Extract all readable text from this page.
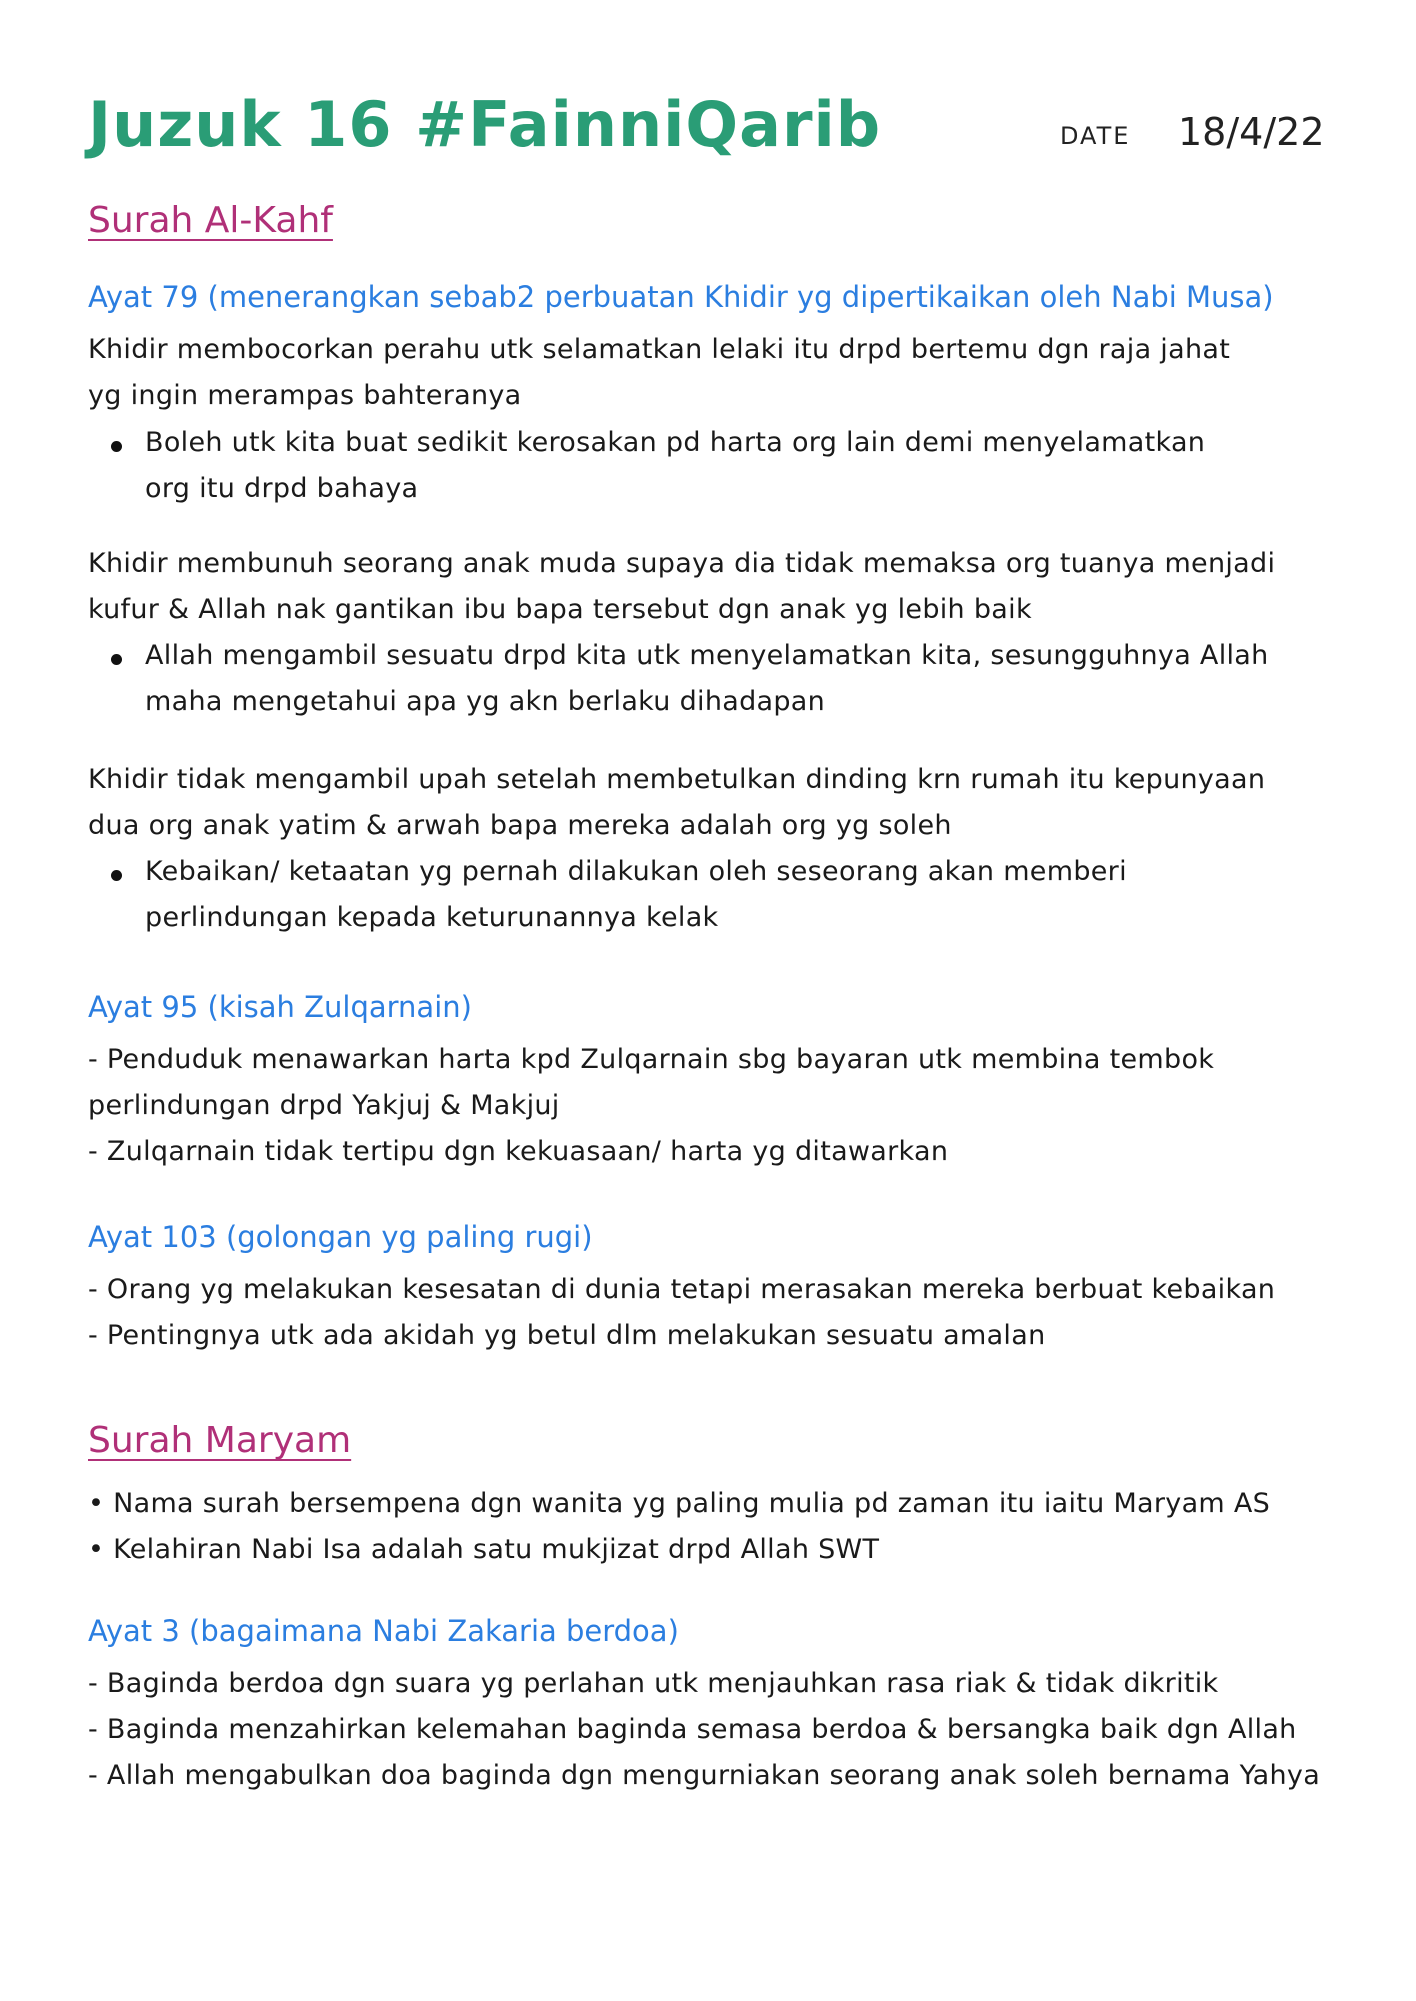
Juzuk 16 #FainniQarib	DATE 18/4/22
Surah Al-Kahf
Ayat 79 (menerangkan sebab2 perbuatan Khidir yg dipertikaikan oleh Nabi Musa)
Khidir membocorkan perahu utk selamatkan lelaki itu drpd bertemu dgn raja jahat
yg ingin merampas bahteranya
Boleh utk kita buat sedikit kerosakan pd harta org lain demi menyelamatkan
org itu drpd bahaya
Khidir membunuh seorang anak muda supaya dia tidak memaksa org tuanya menjadi
kufur & Allah nak gantikan ibu bapa tersebut dgn anak yg lebih baik
Allah mengambil sesuatu drpd kita utk menyelamatkan kita, sesungguhnya Allah
maha mengetahui apa yg akn berlaku dihadapan
Khidir tidak mengambil upah setelah membetulkan dinding krn rumah itu kepunyaan
dua org anak yatim & arwah bapa mereka adalah org yg soleh
Kebaikan/ ketaatan yg pernah dilakukan oleh seseorang akan memberi
perlindungan kepada keturunannya kelak
Ayat 95 (kisah Zulqarnain)
- Penduduk menawarkan harta kpd Zulqarnain sbg bayaran utk membina tembok
perlindungan drpd Yakjuj & Makjuj
- Zulqarnain tidak tertipu dgn kekuasaan/ harta yg ditawarkan
Ayat 103 (golongan yg paling rugi)
- Orang yg melakukan kesesatan di dunia tetapi merasakan mereka berbuat kebaikan
- Pentingnya utk ada akidah yg betul dlm melakukan sesuatu amalan
Surah Maryam
• Nama surah bersempena dgn wanita yg paling mulia pd zaman itu iaitu Maryam AS
• Kelahiran Nabi Isa adalah satu mukjizat drpd Allah SWT
Ayat 3 (bagaimana Nabi Zakaria berdoa)
- Baginda berdoa dgn suara yg perlahan utk menjauhkan rasa riak & tidak dikritik
- Baginda menzahirkan kelemahan baginda semasa berdoa & bersangka baik dgn Allah
- Allah mengabulkan doa baginda dgn mengurniakan seorang anak soleh bernama Yahya
